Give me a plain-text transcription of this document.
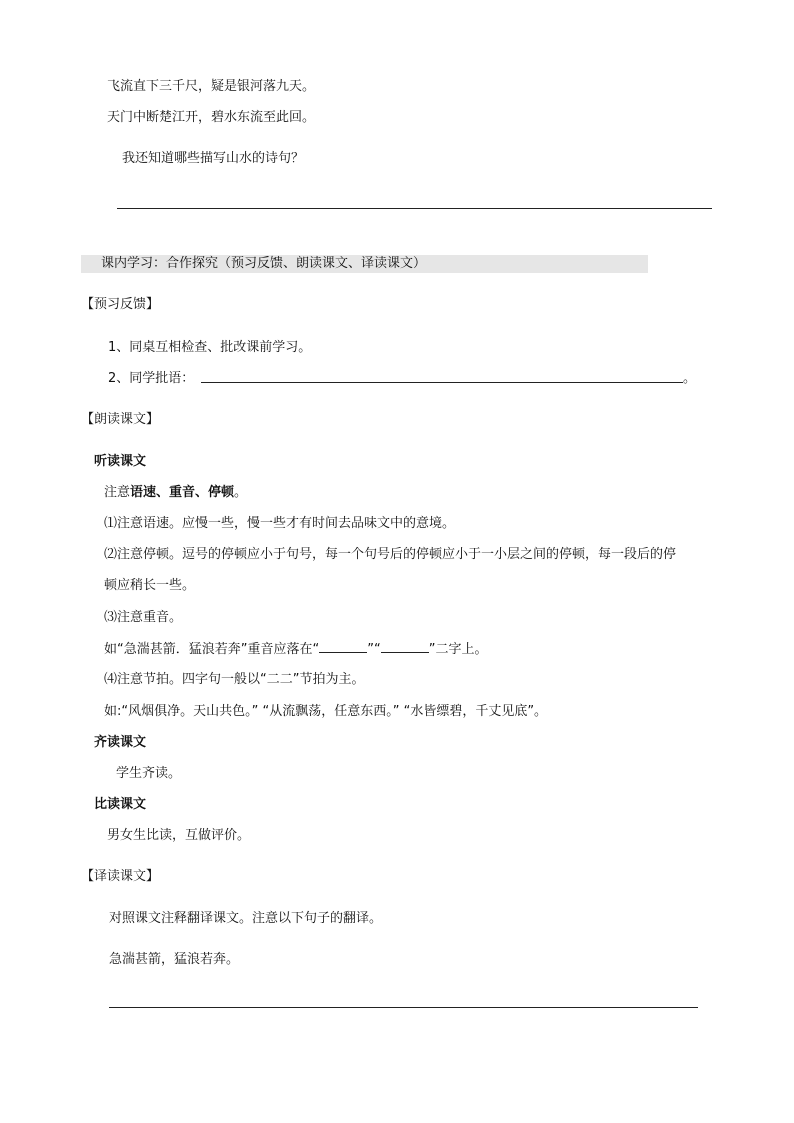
飞流直下三千尺，疑是银河落九天。
天门中断楚江开，碧水东流至此回。
我还知道哪些描写山水的诗句？
课内学习：合作探究（预习反馈、朗读课文、译读课文）
【预习反馈】
1、同桌互相检查、批改课前学习。
2、同学批语：	。
【朗读课文】
听读课文
注意语速、重音、停顿。
⑴注意语速。应慢一些，慢一些才有时间去品味文中的意境。
⑵注意停顿。逗号的停顿应小于句号，每一个句号后的停顿应小于一小层之间的停顿，每一段后的停
顿应稍长一些。
⑶注意重音。
如“急湍甚箭．猛浪若奔”重音应落在“	”“	”二字上。
⑷注意节拍。四字句一般以“二二”节拍为主。
如:“风烟俱净。天山共色。” “从流飘荡，任意东西。” “水皆缥碧，千丈见底”。
齐读课文
学生齐读。
比读课文
男女生比读，互做评价。
【译读课文】
对照课文注释翻译课文。注意以下句子的翻译。
急湍甚箭，猛浪若奔。
